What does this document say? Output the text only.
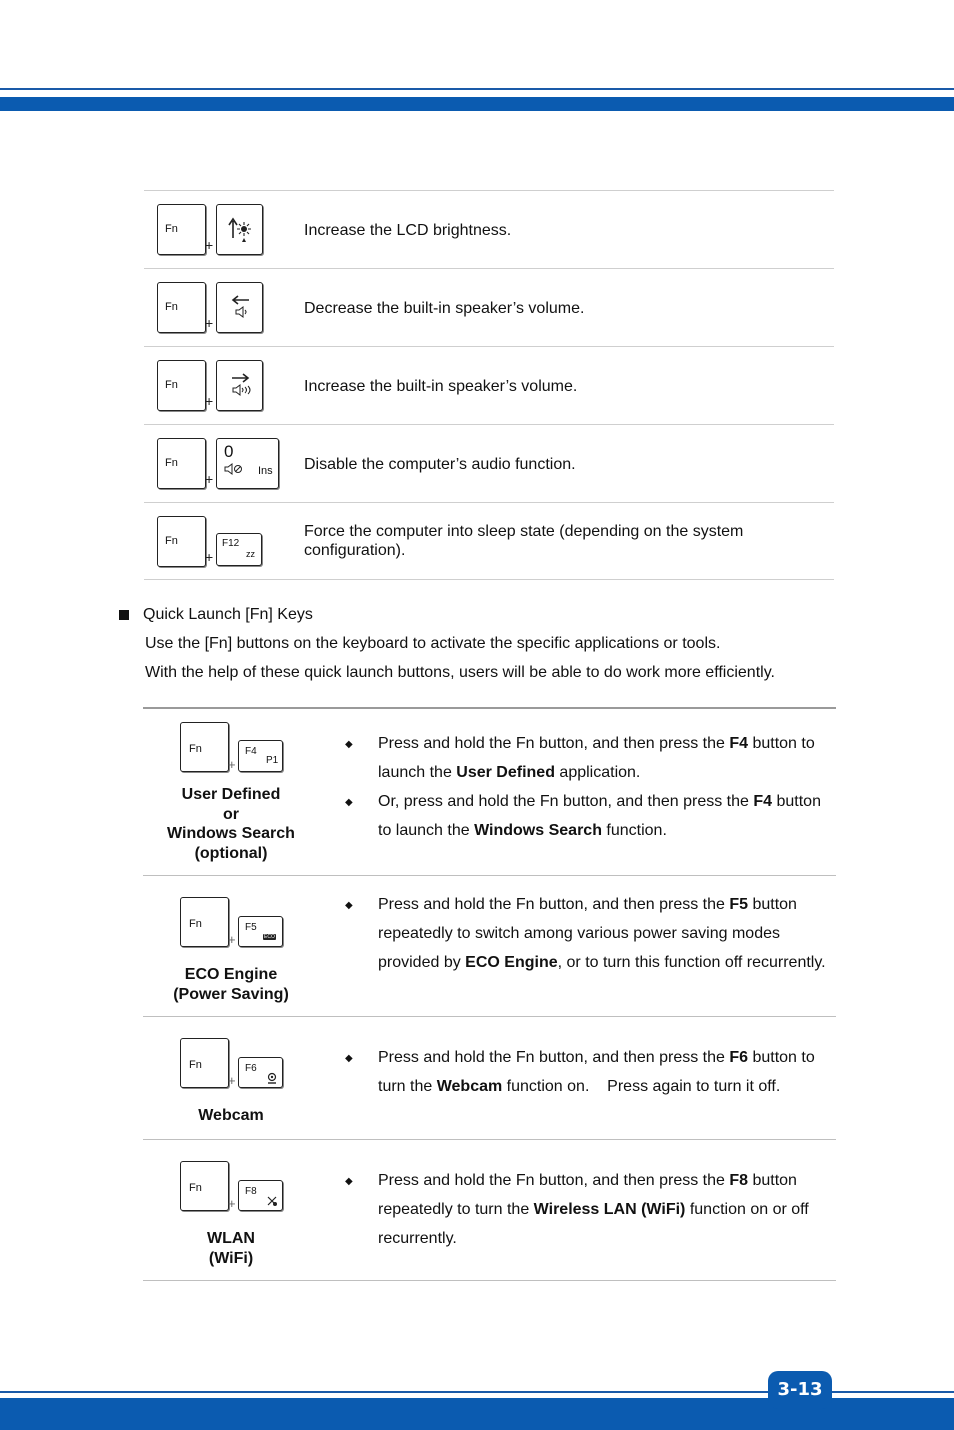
Fn
+
Increase the LCD brightness.
Fn
+
Decrease the built-in speaker’s volume.
Fn
+
Increase the built-in speaker’s volume.
Fn
+
0
Ins Disable the computer’s audio function.
Fn
+
F12
zz
Force the computer into sleep state (depending on the system configuration).
Quick Launch [Fn] Keys
Use the [Fn] buttons on the keyboard to activate the specific applications or tools.
With the help of these quick launch buttons, users will be able to do work more efficiently.
Fn
+
F4
P1
User Defined
or
Windows Search
(optional)
◆ Press and hold the Fn button, and then press the F4 button to launch the User Defined application.
◆ Or, press and hold the Fn button, and then press the F4 button to launch the Windows Search function.
Fn
+
F5
ECO
ECO Engine
(Power Saving)
◆ Press and hold the Fn button, and then press the F5 button repeatedly to switch among various power saving modes provided by ECO Engine, or to turn this function off recurrently.
Fn
+
F6
Webcam
◆ Press and hold the Fn button, and then press the F6 button to turn the Webcam function on.    Press again to turn it off.
Fn
+
F8
WLAN
(WiFi)
◆ Press and hold the Fn button, and then press the F8 button repeatedly to turn the Wireless LAN (WiFi) function on or off recurrently.
3-13
